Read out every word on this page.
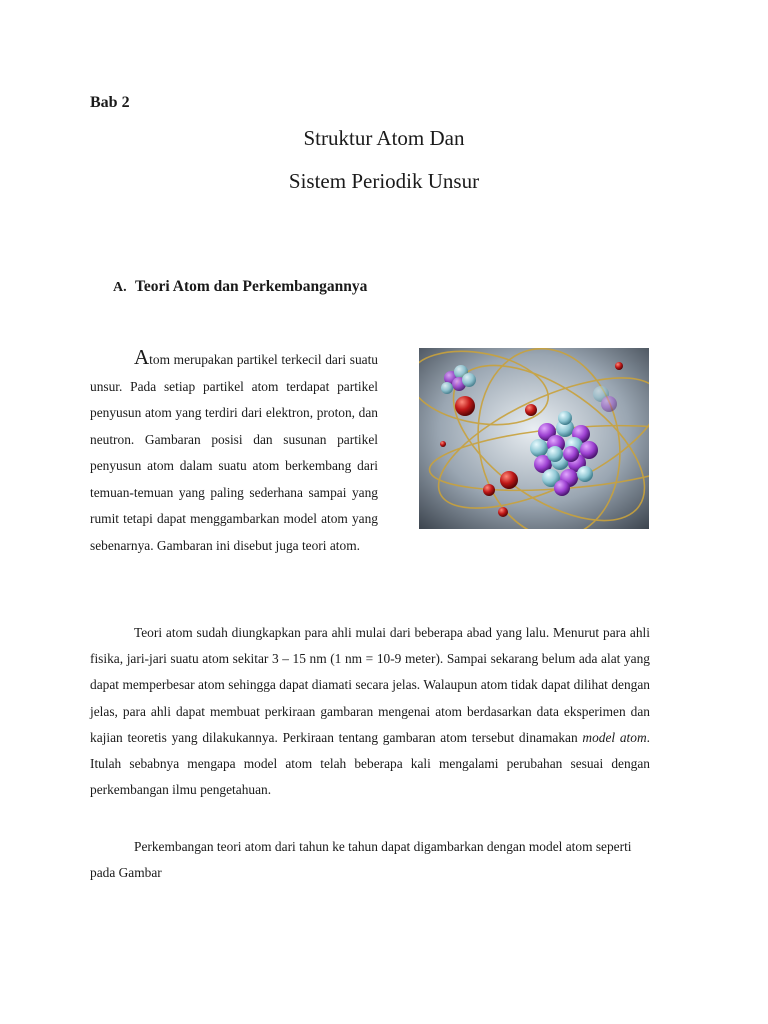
Bab 2
Struktur Atom Dan
Sistem Periodik Unsur
A. Teori Atom dan Perkembangannya
Atom merupakan partikel terkecil dari suatu unsur. Pada setiap partikel atom terdapat partikel penyusun atom yang terdiri dari elektron, proton, dan neutron. Gambaran posisi dan susunan partikel penyusun atom dalam suatu atom berkembang dari temuan-temuan yang paling sederhana sampai yang rumit tetapi dapat menggambarkan model atom yang sebenarnya. Gambaran ini disebut juga teori atom.
Teori atom sudah diungkapkan para ahli mulai dari beberapa abad yang lalu. Menurut para ahli fisika, jari-jari suatu atom sekitar 3 – 15 nm (1 nm = 10-9 meter). Sampai sekarang belum ada alat yang dapat memperbesar atom sehingga dapat diamati secara jelas. Walaupun atom tidak dapat dilihat dengan jelas, para ahli dapat membuat perkiraan gambaran mengenai atom berdasarkan data eksperimen dan kajian teoretis yang dilakukannya. Perkiraan tentang gambaran atom tersebut dinamakan model atom. Itulah sebabnya mengapa model atom telah beberapa kali mengalami perubahan sesuai dengan perkembangan ilmu pengetahuan.
Perkembangan teori atom dari tahun ke tahun dapat digambarkan dengan model atom seperti pada Gambar
